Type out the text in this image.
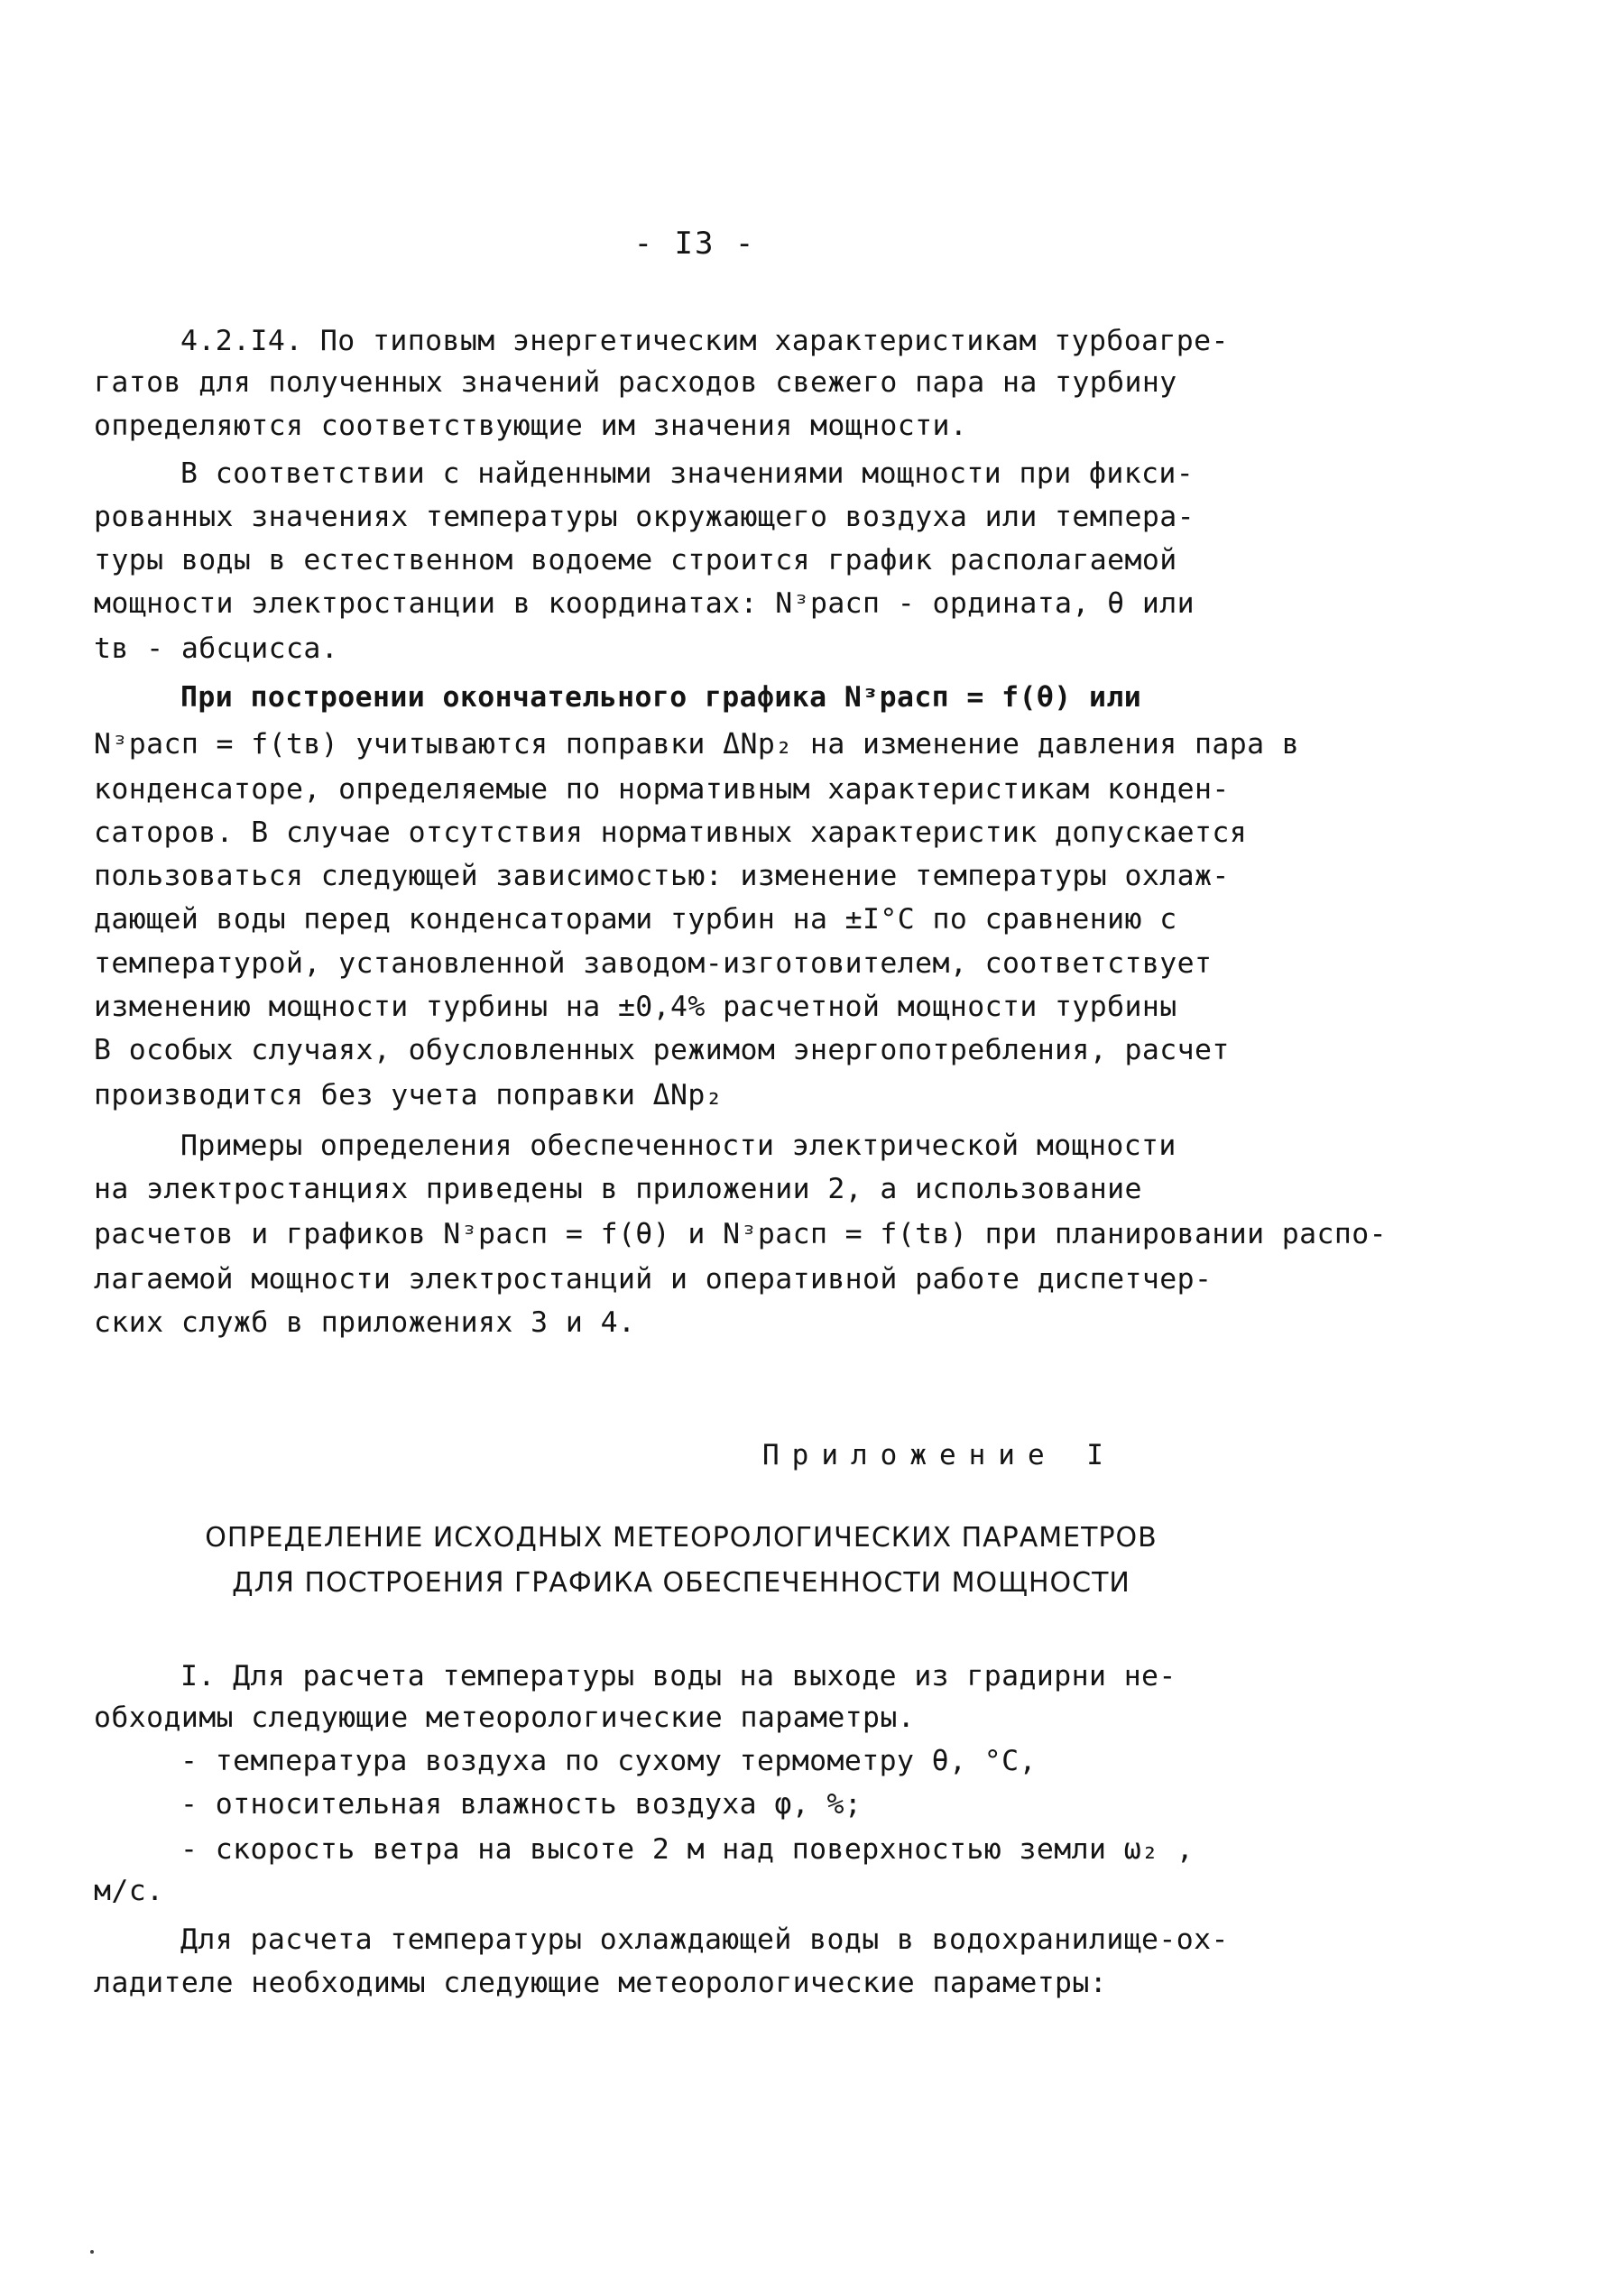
- I3 -
4.2.I4. По типовым энергетическим характеристикам турбоагре-
гатов для полученных значений расходов свежего пара на турбину
определяются соответствующие им значения мощности.
В соответствии с найденными значениями мощности при фикси-
рованных значениях температуры окружающего воздуха или темпера-
туры воды в естественном водоеме строится график располагаемой
мощности электростанции в координатах: Nᵌрасп - ордината, θ или
tв - абсцисса.
При построении окончательного графика Nᵌрасп = f(θ) или
Nᵌрасп = f(tв) учитываются поправки ΔNр₂ на изменение давления пара в
конденсаторе, определяемые по нормативным характеристикам конден-
саторов. В случае отсутствия нормативных характеристик допускается
пользоваться следующей зависимостью: изменение температуры охлаж-
дающей воды перед конденсаторами турбин на ±I°С по сравнению с
температурой, установленной заводом-изготовителем, соответствует
изменению мощности турбины на ±0,4% расчетной мощности турбины
В особых случаях, обусловленных режимом энергопотребления, расчет
производится без учета поправки ΔNр₂
Примеры определения обеспеченности электрической мощности
на электростанциях приведены в приложении 2, а использование
расчетов и графиков Nᵌрасп = f(θ) и Nᵌрасп = f(tв) при планировании распо-
лагаемой мощности электростанций и оперативной работе диспетчер-
ских служб в приложениях 3 и 4.
Приложение I
ОПРЕДЕЛЕНИЕ ИСХОДНЫХ МЕТЕОРОЛОГИЧЕСКИХ ПАРАМЕТРОВ
ДЛЯ ПОСТРОЕНИЯ ГРАФИКА ОБЕСПЕЧЕННОСТИ МОЩНОСТИ
I. Для расчета температуры воды на выходе из градирни не-
обходимы следующие метеорологические параметры.
- температура воздуха по сухому термометру θ, °С,
- относительная влажность воздуха φ, %;
- скорость ветра на высоте 2 м над поверхностью земли ω₂ ,
м/с.
Для расчета температуры охлаждающей воды в водохранилище-ох-
ладителе необходимы следующие метеорологические параметры:
